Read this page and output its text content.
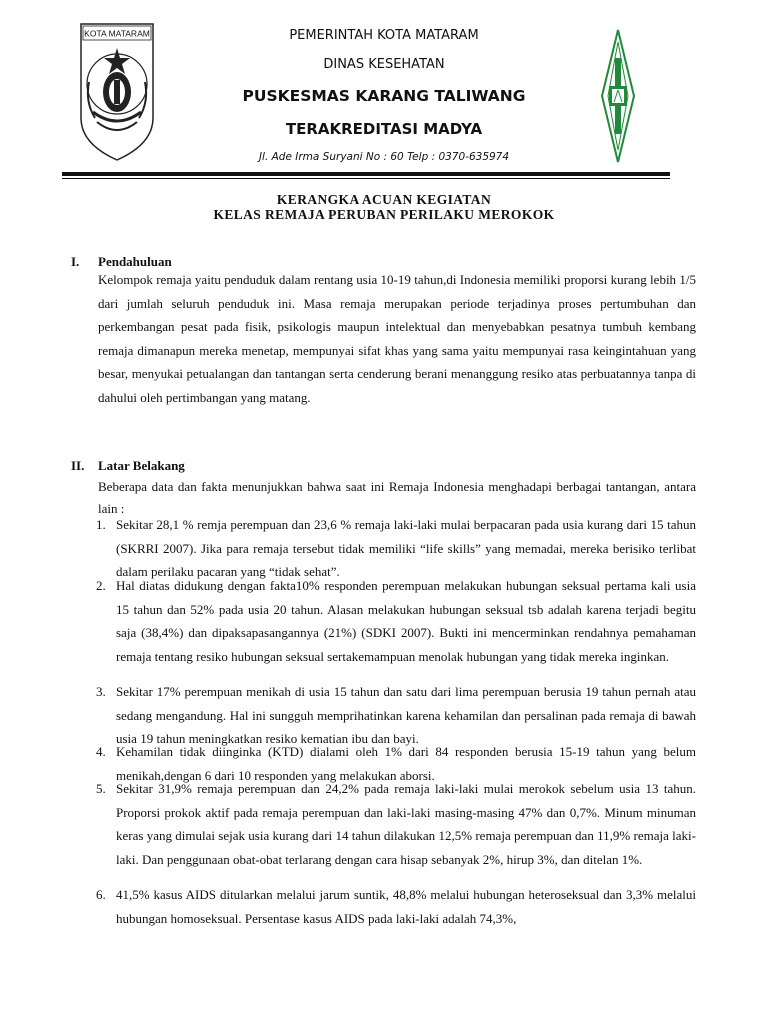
KOTA MATARAM	PEMERINTAH KOTA MATARAM
DINAS KESEHATAN
PUSKESMAS KARANG TALIWANG
TERAKREDITASI MADYA
Jl. Ade Irma Suryani No : 60 Telp : 0370-635974
KERANGKA ACUAN KEGIATAN
KELAS REMAJA PERUBAN PERILAKU MEROKOK
I. Pendahuluan
Kelompok remaja yaitu penduduk dalam rentang usia 10-19 tahun,di Indonesia memiliki proporsi kurang lebih 1/5 dari jumlah seluruh penduduk ini. Masa remaja merupakan periode terjadinya proses pertumbuhan dan perkembangan pesat pada fisik, psikologis maupun intelektual dan menyebabkan pesatnya tumbuh kembang remaja dimanapun mereka menetap, mempunyai sifat khas yang sama yaitu mempunyai rasa keingintahuan yang besar, menyukai petualangan dan tantangan serta cenderung berani menanggung resiko atas perbuatannya tanpa di dahului oleh pertimbangan yang matang.
II. Latar Belakang
Beberapa data dan fakta menunjukkan bahwa saat ini Remaja Indonesia menghadapi berbagai tantangan, antara lain :
1. Sekitar 28,1 % remja perempuan dan 23,6 % remaja laki-laki mulai berpacaran pada usia kurang dari 15 tahun (SKRRI 2007). Jika para remaja tersebut tidak memiliki “life skills” yang memadai, mereka berisiko terlibat dalam perilaku pacaran yang “tidak sehat”.
2. Hal diatas didukung dengan fakta10% responden perempuan melakukan hubungan seksual pertama kali usia 15 tahun dan 52% pada usia 20 tahun. Alasan melakukan hubungan seksual tsb adalah karena terjadi begitu saja (38,4%) dan dipaksapasangannya (21%) (SDKI 2007). Bukti ini mencerminkan rendahnya pemahaman remaja tentang resiko hubungan seksual sertakemampuan menolak hubungan yang tidak mereka inginkan.
3. Sekitar 17% perempuan menikah di usia 15 tahun dan satu dari lima perempuan berusia 19 tahun pernah atau sedang mengandung. Hal ini sungguh memprihatinkan karena kehamilan dan persalinan pada remaja di bawah usia 19 tahun meningkatkan resiko kematian ibu dan bayi.
4. Kehamilan tidak diinginka (KTD) dialami oleh 1% dari 84 responden berusia 15-19 tahun yang belum menikah,dengan 6 dari 10 responden yang melakukan aborsi.
5. Sekitar 31,9% remaja perempuan dan 24,2% pada remaja laki-laki mulai merokok sebelum usia 13 tahun. Proporsi prokok aktif pada remaja perempuan dan laki-laki masing-masing 47% dan 0,7%. Minum minuman keras yang dimulai sejak usia kurang dari 14 tahun dilakukan 12,5% remaja perempuan dan 11,9% remaja laki-laki. Dan penggunaan obat-obat terlarang dengan cara hisap sebanyak 2%, hirup 3%, dan ditelan 1%.
6. 41,5% kasus AIDS ditularkan melalui jarum suntik, 48,8% melalui hubungan heteroseksual dan 3,3% melalui hubungan homoseksual. Persentase kasus AIDS pada laki-laki adalah 74,3%,
